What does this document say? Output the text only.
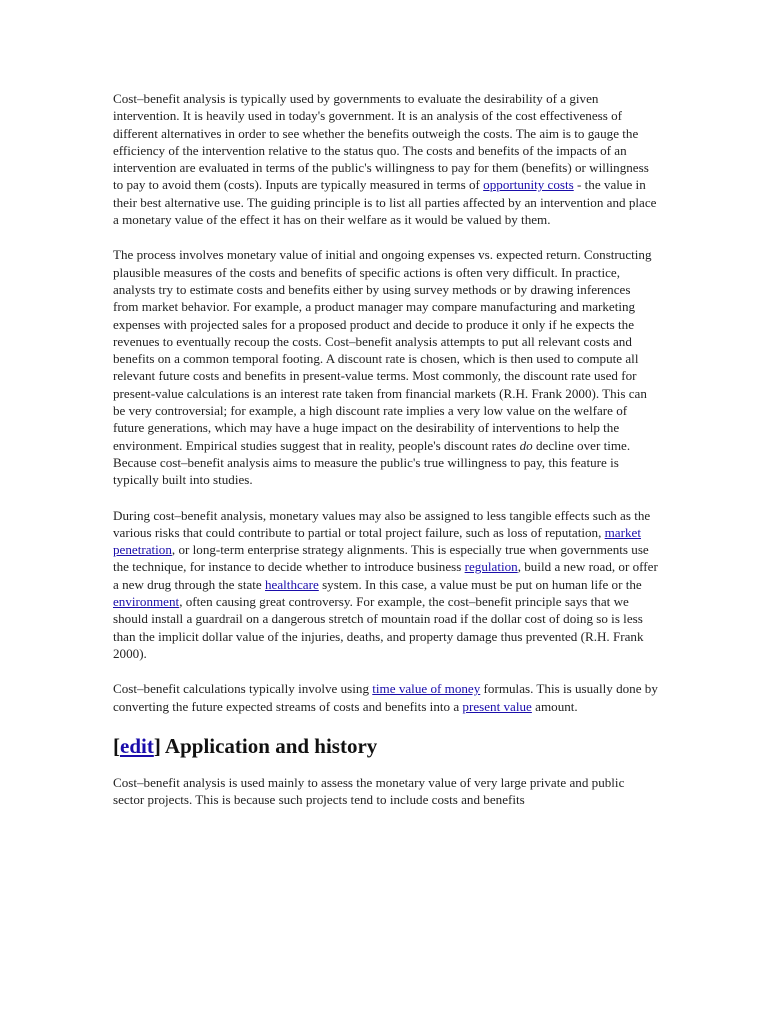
Cost–benefit analysis is typically used by governments to evaluate the desirability of a given intervention. It is heavily used in today's government. It is an analysis of the cost effectiveness of different alternatives in order to see whether the benefits outweigh the costs. The aim is to gauge the efficiency of the intervention relative to the status quo. The costs and benefits of the impacts of an intervention are evaluated in terms of the public's willingness to pay for them (benefits) or willingness to pay to avoid them (costs). Inputs are typically measured in terms of opportunity costs - the value in their best alternative use. The guiding principle is to list all parties affected by an intervention and place a monetary value of the effect it has on their welfare as it would be valued by them.

The process involves monetary value of initial and ongoing expenses vs. expected return. Constructing plausible measures of the costs and benefits of specific actions is often very difficult. In practice, analysts try to estimate costs and benefits either by using survey methods or by drawing inferences from market behavior. For example, a product manager may compare manufacturing and marketing expenses with projected sales for a proposed product and decide to produce it only if he expects the revenues to eventually recoup the costs. Cost–benefit analysis attempts to put all relevant costs and benefits on a common temporal footing. A discount rate is chosen, which is then used to compute all relevant future costs and benefits in present-value terms. Most commonly, the discount rate used for present-value calculations is an interest rate taken from financial markets (R.H. Frank 2000). This can be very controversial; for example, a high discount rate implies a very low value on the welfare of future generations, which may have a huge impact on the desirability of interventions to help the environment. Empirical studies suggest that in reality, people's discount rates do decline over time. Because cost–benefit analysis aims to measure the public's true willingness to pay, this feature is typically built into studies.

During cost–benefit analysis, monetary values may also be assigned to less tangible effects such as the various risks that could contribute to partial or total project failure, such as loss of reputation, market penetration, or long-term enterprise strategy alignments. This is especially true when governments use the technique, for instance to decide whether to introduce business regulation, build a new road, or offer a new drug through the state healthcare system. In this case, a value must be put on human life or the environment, often causing great controversy. For example, the cost–benefit principle says that we should install a guardrail on a dangerous stretch of mountain road if the dollar cost of doing so is less than the implicit dollar value of the injuries, deaths, and property damage thus prevented (R.H. Frank 2000).

Cost–benefit calculations typically involve using time value of money formulas. This is usually done by converting the future expected streams of costs and benefits into a present value amount.

[edit] Application and history

Cost–benefit analysis is used mainly to assess the monetary value of very large private and public sector projects. This is because such projects tend to include costs and benefits
